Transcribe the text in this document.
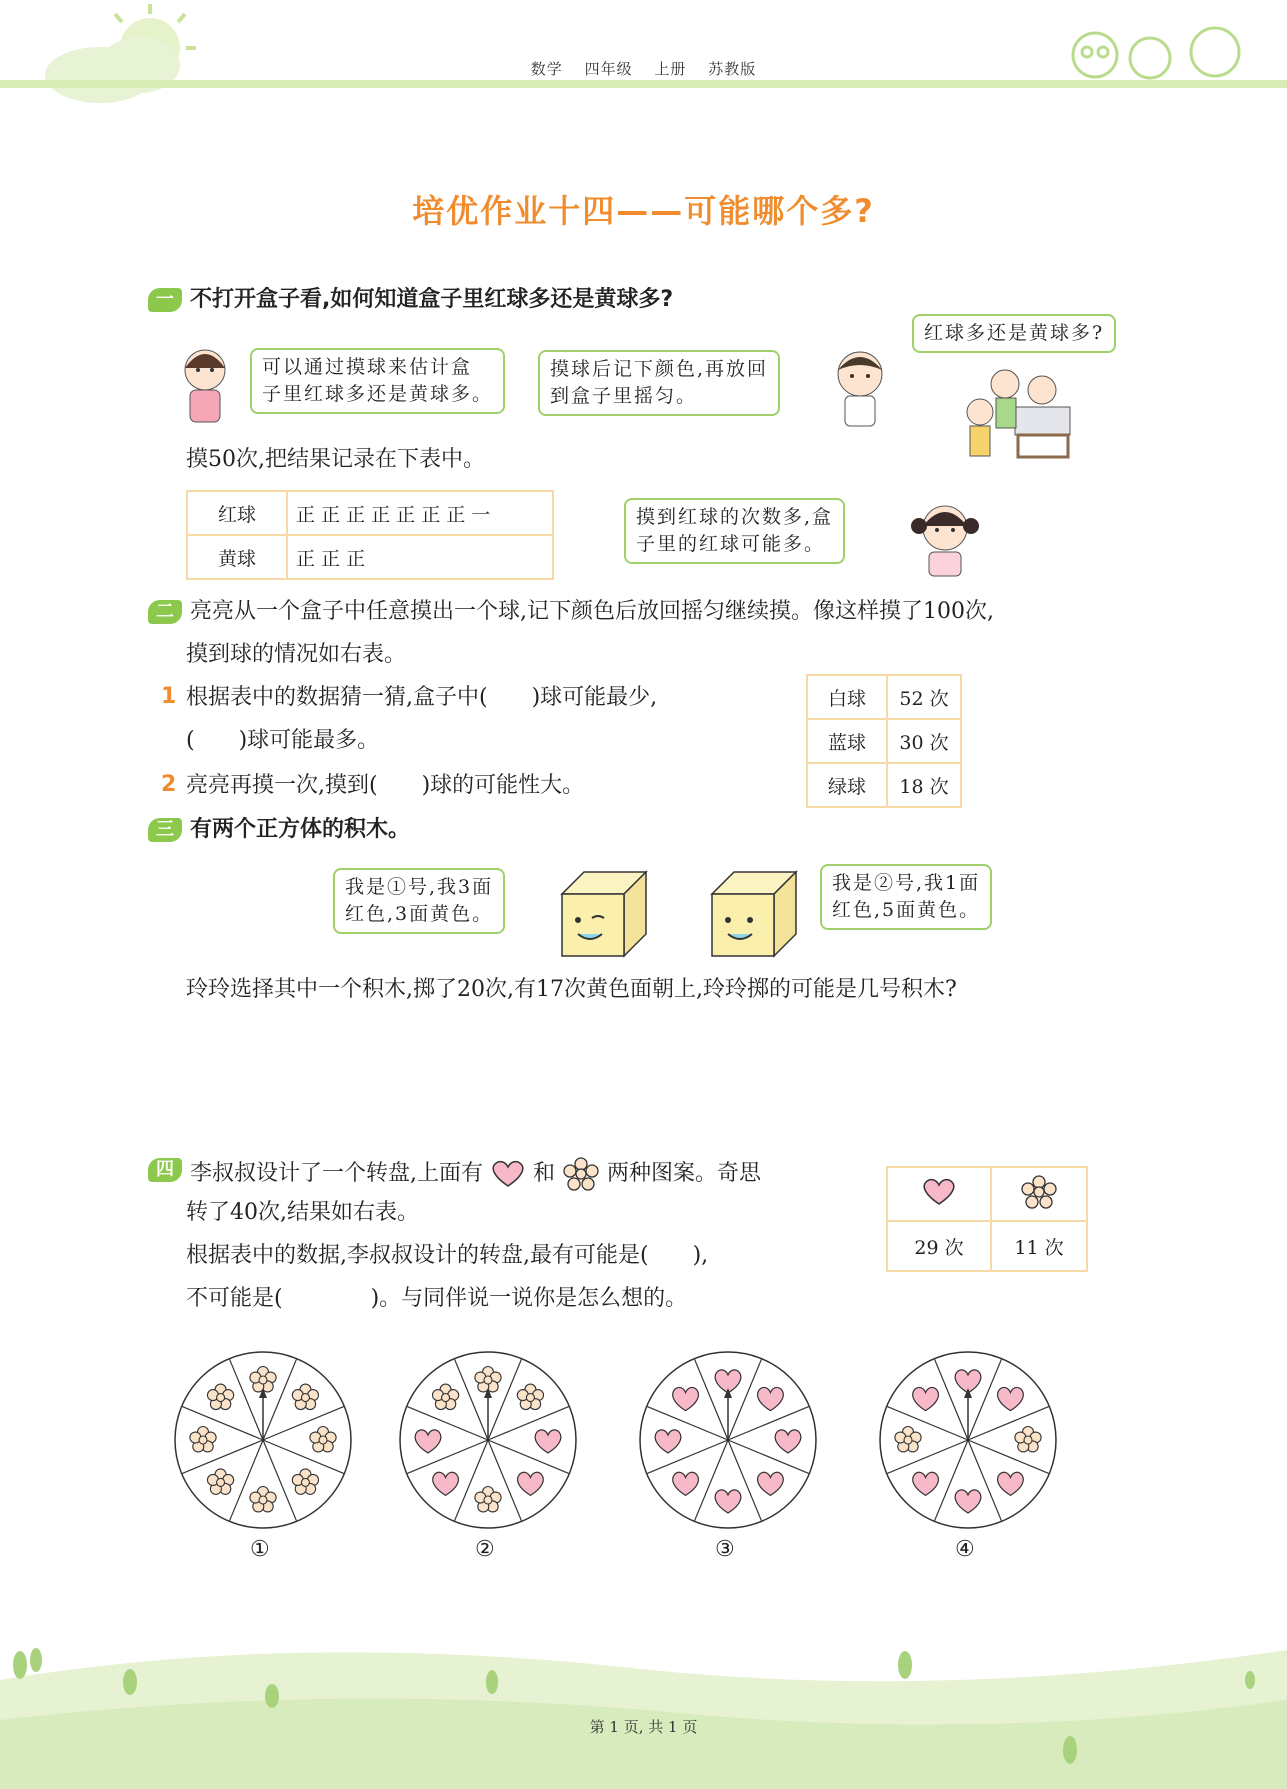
数学 四年级 上册 苏教版
培优作业十四——可能哪个多?
一 不打开盒子看,如何知道盒子里红球多还是黄球多?
可以通过摸球来估计盒
子里红球多还是黄球多。
摸球后记下颜色,再放回
到盒子里摇匀。
红球多还是黄球多?
摸50次,把结果记录在下表中。
红球	正 正 正 正 正 正 正 一
黄球	正 正 正
摸到红球的次数多,盒
子里的红球可能多。
二 亮亮从一个盒子中任意摸出一个球,记下颜色后放回摇匀继续摸。像这样摸了100次,
摸到球的情况如右表。
1 根据表中的数据猜一猜,盒子中(　　)球可能最少,
(　　)球可能最多。
2 亮亮再摸一次,摸到(　　)球的可能性大。
白球	52 次
蓝球	30 次
绿球	18 次
三 有两个正方体的积木。
我是①号,我3面
红色,3面黄色。
我是②号,我1面
红色,5面黄色。
玲玲选择其中一个积木,掷了20次,有17次黄色面朝上,玲玲掷的可能是几号积木?
四 李叔叔设计了一个转盘,上面有 和 两种图案。奇思
转了40次,结果如右表。
根据表中的数据,李叔叔设计的转盘,最有可能是(　　),
不可能是(　　　　)。与同伴说一说你是怎么想的。

29 次	11 次
①	②	③	④
第 1 页, 共 1 页
